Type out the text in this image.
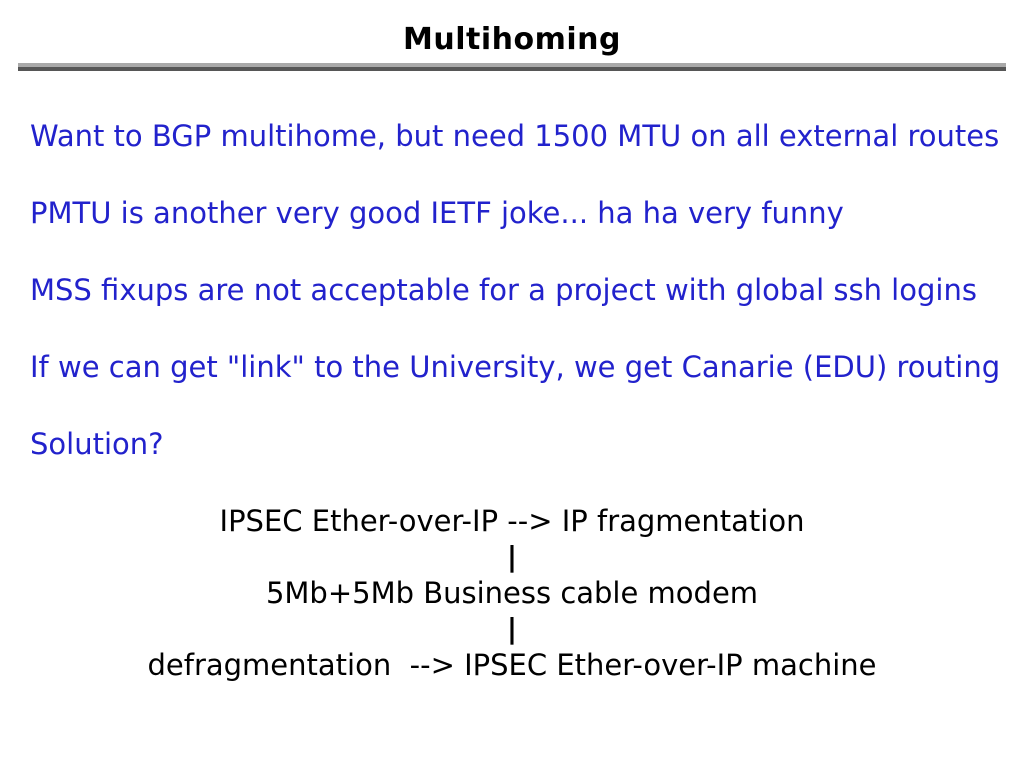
Multihoming

Want to BGP multihome, but need 1500 MTU on all external routes

PMTU is another very good IETF joke... ha ha very funny

MSS fixups are not acceptable for a project with global ssh logins

If we can get "link" to the University, we get Canarie (EDU) routing

Solution?

IPSEC Ether-over-IP --> IP fragmentation

|

5Mb+5Mb Business cable modem

|

defragmentation  --> IPSEC Ether-over-IP machine
